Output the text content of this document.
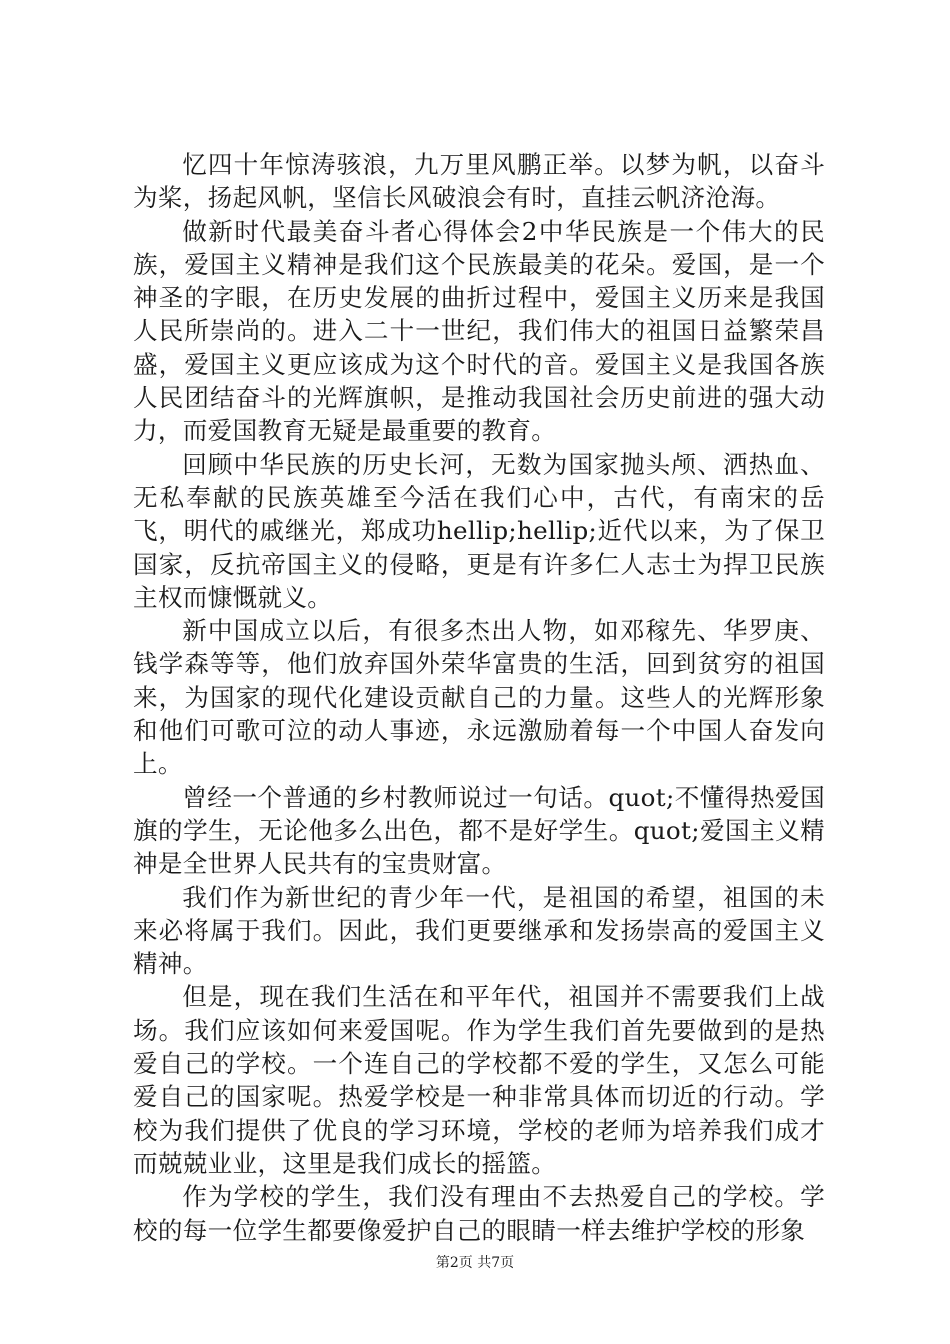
忆四十年惊涛骇浪，九万里风鹏正举。以梦为帆，以奋斗为桨，扬起风帆，坚信长风破浪会有时，直挂云帆济沧海。

做新时代最美奋斗者心得体会2中华民族是一个伟大的民族，爱国主义精神是我们这个民族最美的花朵。爱国，是一个神圣的字眼，在历史发展的曲折过程中，爱国主义历来是我国人民所崇尚的。进入二十一世纪，我们伟大的祖国日益繁荣昌盛，爱国主义更应该成为这个时代的音。爱国主义是我国各族人民团结奋斗的光辉旗帜，是推动我国社会历史前进的强大动力，而爱国教育无疑是最重要的教育。

回顾中华民族的历史长河，无数为国家抛头颅、洒热血、无私奉献的民族英雄至今活在我们心中，古代，有南宋的岳飞，明代的戚继光，郑成功hellip;hellip;近代以来，为了保卫国家，反抗帝国主义的侵略，更是有许多仁人志士为捍卫民族主权而慷慨就义。

新中国成立以后，有很多杰出人物，如邓稼先、华罗庚、钱学森等等，他们放弃国外荣华富贵的生活，回到贫穷的祖国来，为国家的现代化建设贡献自己的力量。这些人的光辉形象和他们可歌可泣的动人事迹，永远激励着每一个中国人奋发向上。

曾经一个普通的乡村教师说过一句话。quot;不懂得热爱国旗的学生，无论他多么出色，都不是好学生。quot;爱国主义精神是全世界人民共有的宝贵财富。

我们作为新世纪的青少年一代，是祖国的希望，祖国的未来必将属于我们。因此，我们更要继承和发扬崇高的爱国主义精神。

但是，现在我们生活在和平年代，祖国并不需要我们上战场。我们应该如何来爱国呢。作为学生我们首先要做到的是热爱自己的学校。一个连自己的学校都不爱的学生，又怎么可能爱自己的国家呢。热爱学校是一种非常具体而切近的行动。学校为我们提供了优良的学习环境，学校的老师为培养我们成才而兢兢业业，这里是我们成长的摇篮。

作为学校的学生，我们没有理由不去热爱自己的学校。学校的每一位学生都要像爱护自己的眼睛一样去维护学校的形象

第2页 共7页
